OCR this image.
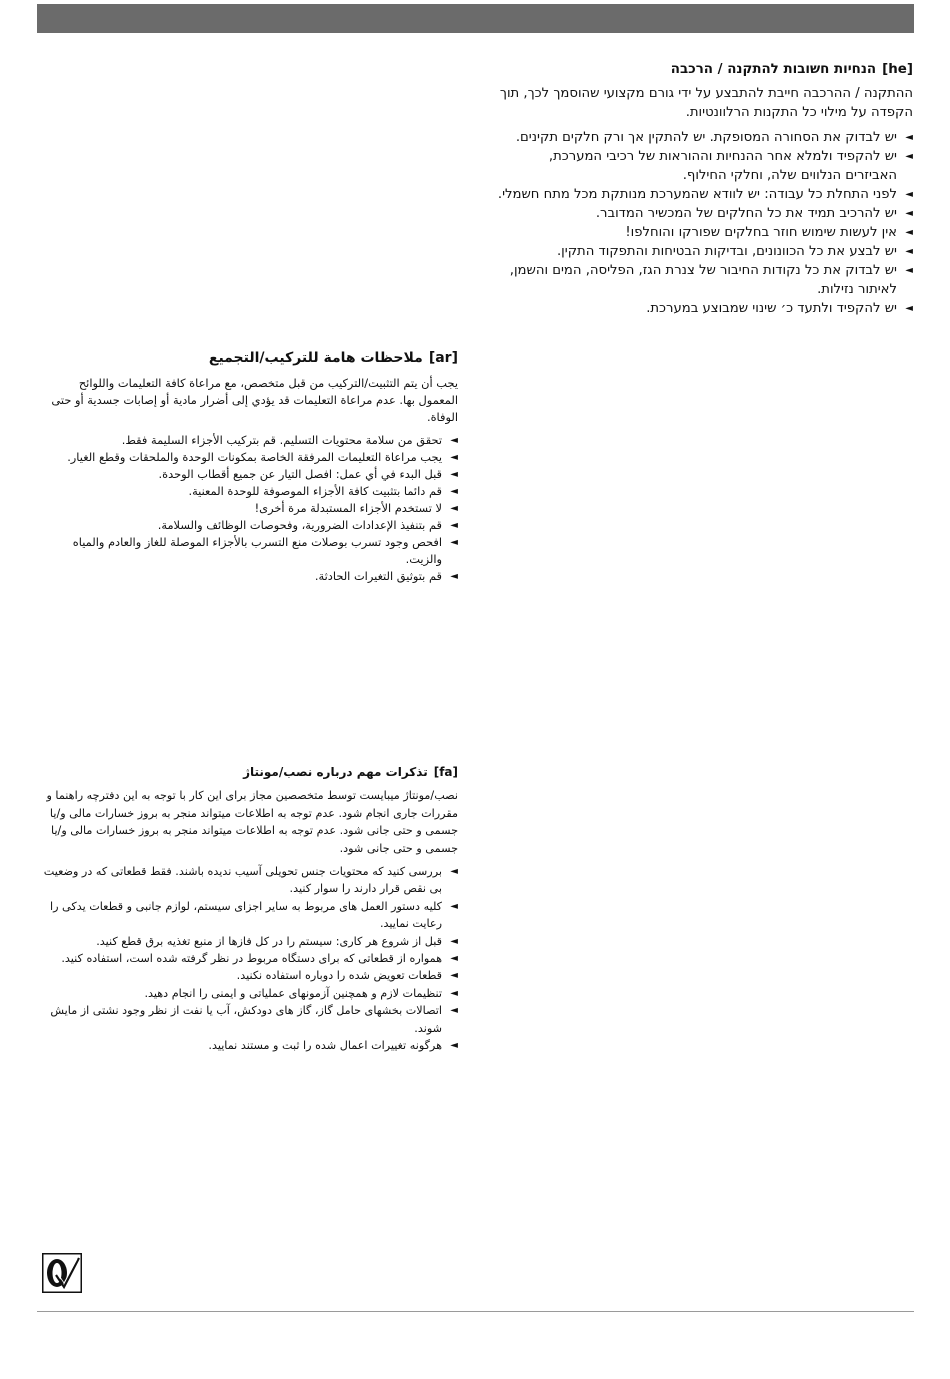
[he]הנחיות חשובות להתקנה / הרכבה

ההתקנה / ההרכבה חייבת להתבצע על ידי גורם מקצועי שהוסמך לכך, תוך הקפדה על מילוי כל התקנות הרלוונטיות.

◄
יש לבדוק את הסחורה המסופקת. יש להתקין אך ורק חלקים תקינים.
◄
יש להקפיד ולמלא אחר ההנחיות וההוראות של רכיבי המערכת, האביזרים הנלווים שלה, וחלקי החילוף.
◄
לפני התחלת כל עבודה: יש לוודא שהמערכת מנותקת מכל מתח חשמלי.
◄
יש להרכיב תמיד את כל החלקים של המכשיר המדובר.
◄
אין לעשות שימוש חוזר בחלקים שפורקו והוחלפו!
◄
יש לבצע את כל הכוונונים, ובדיקות הבטיחות והתפקוד התקין.
◄
יש לבדוק את כל נקודות החיבור של צנרת הגז, הפליסה, המים והשמן, לאיתור נזילות.
◄
יש להקפיד ולתעד כ׳ שינוי שמבוצע במערכת.
[ar]ملاحظات هامة للتركيب/التجميع

يجب أن يتم التثبيت/التركيب من قبل متخصص، مع مراعاة كافة التعليمات واللوائح المعمول بها. عدم مراعاة التعليمات قد يؤدي إلى أضرار مادية أو إصابات جسدية أو حتى الوفاة.

◄
تحقق من سلامة محتويات التسليم. قم بتركيب الأجزاء السليمة فقط.
◄
يجب مراعاة التعليمات المرفقة الخاصة بمكونات الوحدة والملحقات وقطع الغيار.
◄
قبل البدء في أي عمل: افصل التيار عن جميع أقطاب الوحدة.
◄
قم دائما بتثبيت كافة الأجزاء الموصوفة للوحدة المعنية.
◄
لا تستخدم الأجزاء المستبدلة مرة أخرى!
◄
قم بتنفيذ الإعدادات الضرورية، وفحوصات الوظائف والسلامة.
◄
افحص وجود تسرب بوصلات منع التسرب بالأجزاء الموصلة للغاز والعادم والمياه والزيت.
◄
قم بتوثيق التغيرات الحادثة.
[fa]تذكرات مهم درباره نصب/مونتاژ

نصب/مونتاژ میبایست توسط متخصصین مجاز برای این کار با توجه به این دفترچه راهنما و مقررات جاری انجام شود. عدم توجه به اطلاعات میتواند منجر به بروز خسارات مالی و/یا جسمی و حتی جانی شود. عدم توجه به اطلاعات میتواند منجر به بروز خسارات مالی و/یا جسمی و حتی جانی شود.

◄
بررسی كنید كه محتویات جنس تحویلی آسیب ندیده باشند. فقط قطعاتی كه در وضعیت بی نقص قرار دارند را سوار كنید.
◄
كلیه دستور العمل های مربوط به سایر اجزای سیستم، لوازم جانبی و قطعات یدكی را رعایت نمایید.
◄
قبل از شروع هر كاری: سیستم را در كل فازها از منبع تغذیه برق قطع كنید.
◄
همواره از قطعاتی كه برای دستگاه مربوط در نظر گرفته شده است، استفاده كنید.
◄
قطعات تعویض شده را دوباره استفاده نكنید.
◄
تنظیمات لازم و همچنین آزمونهای عملیاتی و ایمنی را انجام دهید.
◄
اتصالات بخشهای حامل گاز، گاز های دودكش، آب یا نفت از نظر وجود نشتی از مایش شوند.
◄
هرگونه تغییرات اعمال شده را ثبت و مستند نمایید.
